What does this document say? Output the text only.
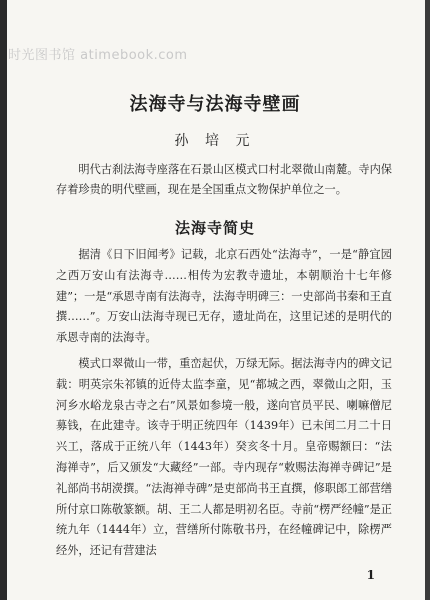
时光图书馆 atimebook.com
法海寺与法海寺壁画
孙 培 元

明代古刹法海寺座落在石景山区模式口村北翠微山南麓。寺内保存着珍贵的明代壁画，现在是全国重点文物保护单位之一。

法海寺简史

据清《日下旧闻考》记载，北京石西处“法海寺”，一是“静宜园之西万安山有法海寺……相传为宏教寺遗址，本朝顺治十七年修建”；一是“承恩寺南有法海寺，法海寺明碑三：一史部尚书秦和王直撰……”。万安山法海寺现已无存，遗址尚在，这里记述的是明代的承恩寺南的法海寺。

模式口翠微山一带，重峦起伏，万绿无际。据法海寺内的碑文记载：明英宗朱祁镇的近侍太监李童，见“都城之西，翠微山之阳，玉河乡水峪龙泉古寺之右”风景如参境一般，遂向官员平民、喇嘛僧尼募钱，在此建寺。该寺于明正统四年（1439年）已未闰二月二十日兴工，落成于正统八年（1443年）癸亥冬十月。皇帝赐额曰：“法海禅寺”，后又颁发“大藏经”一部。寺内现存“敕赐法海禅寺碑记”是礼部尚书胡濙撰。“法海禅寺碑”是吏部尚书王直撰，修职郎工部营缮所付京口陈敬篆额。胡、王二人都是明初名臣。寺前“楞严经幢”是正统九年（1444年）立，营缮所付陈敬书丹，在经幢碑记中，除楞严经外，还记有营建法

1
